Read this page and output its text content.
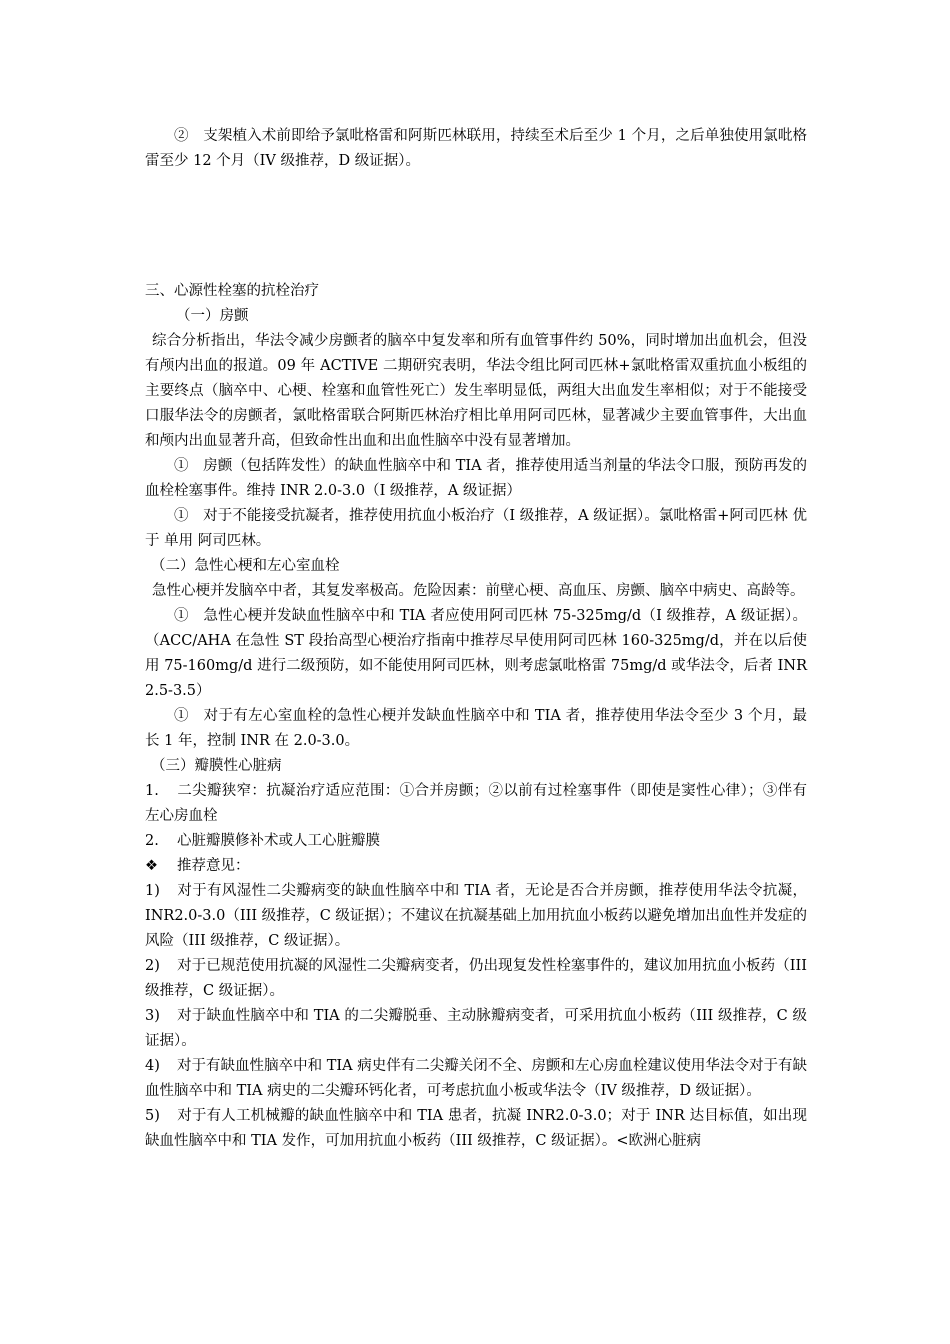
②　支架植入术前即给予氯吡格雷和阿斯匹林联用，持续至术后至少 1 个月，之后单独使用氯吡格雷至少 12 个月（IV 级推荐，D 级证据）。

三、心源性栓塞的抗栓治疗

（一）房颤

综合分析指出，华法令减少房颤者的脑卒中复发率和所有血管事件约 50%，同时增加出血机会，但没有颅内出血的报道。09 年 ACTIVE 二期研究表明，华法令组比阿司匹林+氯吡格雷双重抗血小板组的主要终点（脑卒中、心梗、栓塞和血管性死亡）发生率明显低，两组大出血发生率相似；对于不能接受口服华法令的房颤者，氯吡格雷联合阿斯匹林治疗相比单用阿司匹林，显著减少主要血管事件，大出血和颅内出血显著升高，但致命性出血和出血性脑卒中没有显著增加。

①　房颤（包括阵发性）的缺血性脑卒中和 TIA 者，推荐使用适当剂量的华法令口服，预防再发的血栓栓塞事件。维持 INR 2.0-3.0（I 级推荐，A 级证据）

①　对于不能接受抗凝者，推荐使用抗血小板治疗（I 级推荐，A 级证据）。氯吡格雷+阿司匹林 优于 单用 阿司匹林。

（二）急性心梗和左心室血栓

急性心梗并发脑卒中者，其复发率极高。危险因素：前壁心梗、高血压、房颤、脑卒中病史、高龄等。

①　急性心梗并发缺血性脑卒中和 TIA 者应使用阿司匹林 75-325mg/d（I 级推荐，A 级证据）。（ACC/AHA 在急性 ST 段抬高型心梗治疗指南中推荐尽早使用阿司匹林 160-325mg/d，并在以后使用 75-160mg/d 进行二级预防，如不能使用阿司匹林，则考虑氯吡格雷 75mg/d 或华法令，后者 INR 2.5-3.5）

①　对于有左心室血栓的急性心梗并发缺血性脑卒中和 TIA 者，推荐使用华法令至少 3 个月，最长 1 年，控制 INR 在 2.0-3.0。

（三）瓣膜性心脏病

1. 二尖瓣狭窄：抗凝治疗适应范围：①合并房颤；②以前有过栓塞事件（即使是窦性心律）；③伴有左心房血栓

2. 心脏瓣膜修补术或人工心脏瓣膜

❖ 推荐意见：

1) 对于有风湿性二尖瓣病变的缺血性脑卒中和 TIA 者，无论是否合并房颤，推荐使用华法令抗凝，INR2.0-3.0（III 级推荐，C 级证据）；不建议在抗凝基础上加用抗血小板药以避免增加出血性并发症的风险（III 级推荐，C 级证据）。

2) 对于已规范使用抗凝的风湿性二尖瓣病变者，仍出现复发性栓塞事件的，建议加用抗血小板药（III 级推荐，C 级证据）。

3) 对于缺血性脑卒中和 TIA 的二尖瓣脱垂、主动脉瓣病变者，可采用抗血小板药（III 级推荐，C 级证据）。

4) 对于有缺血性脑卒中和 TIA 病史伴有二尖瓣关闭不全、房颤和左心房血栓建议使用华法令对于有缺血性脑卒中和 TIA 病史的二尖瓣环钙化者，可考虑抗血小板或华法令（IV 级推荐，D 级证据）。

5) 对于有人工机械瓣的缺血性脑卒中和 TIA 患者，抗凝 INR2.0-3.0；对于 INR 达目标值，如出现缺血性脑卒中和 TIA 发作，可加用抗血小板药（III 级推荐，C 级证据）。<欧洲心脏病
